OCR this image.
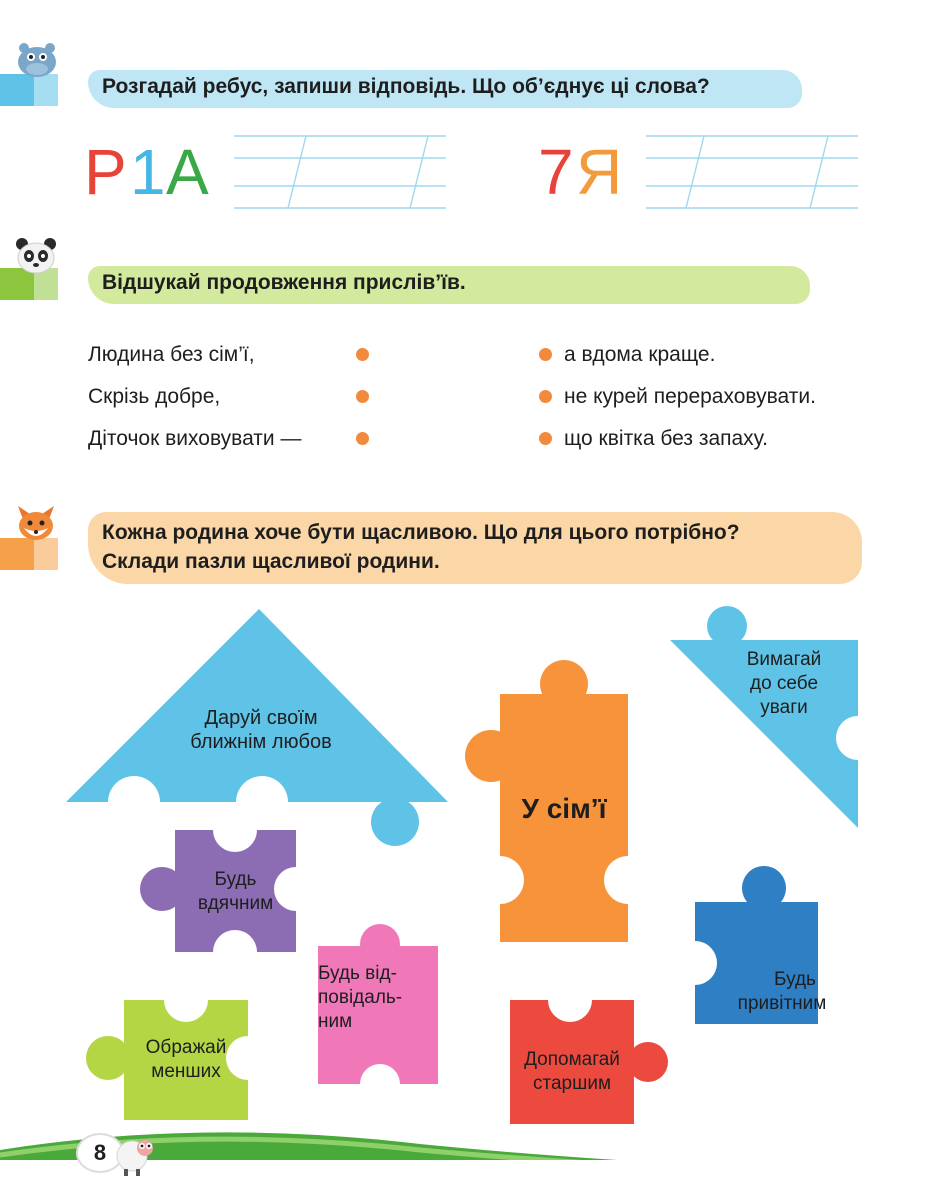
Розгадай ребус, запиши відповідь. Що об’єднує ці слова?
Р 1 А	7 Я
Відшукай продовження прислів’їв.
Людина без сім’ї,
Скрізь добре,
Діточок виховувати —
а вдома краще.
не курей перераховувати.
що квітка без запаху.
Кожна родина хоче бути щасливою. Що для цього потрібно?
Склади пазли щасливої родини.
Даруй своїм
ближнім любов
Вимагай
до себе
уваги
У сім’ї
Будь
вдячним
Будь
привітним
Будь від-
повідаль-
ним
Ображай
менших
Допомагай
старшим
8
